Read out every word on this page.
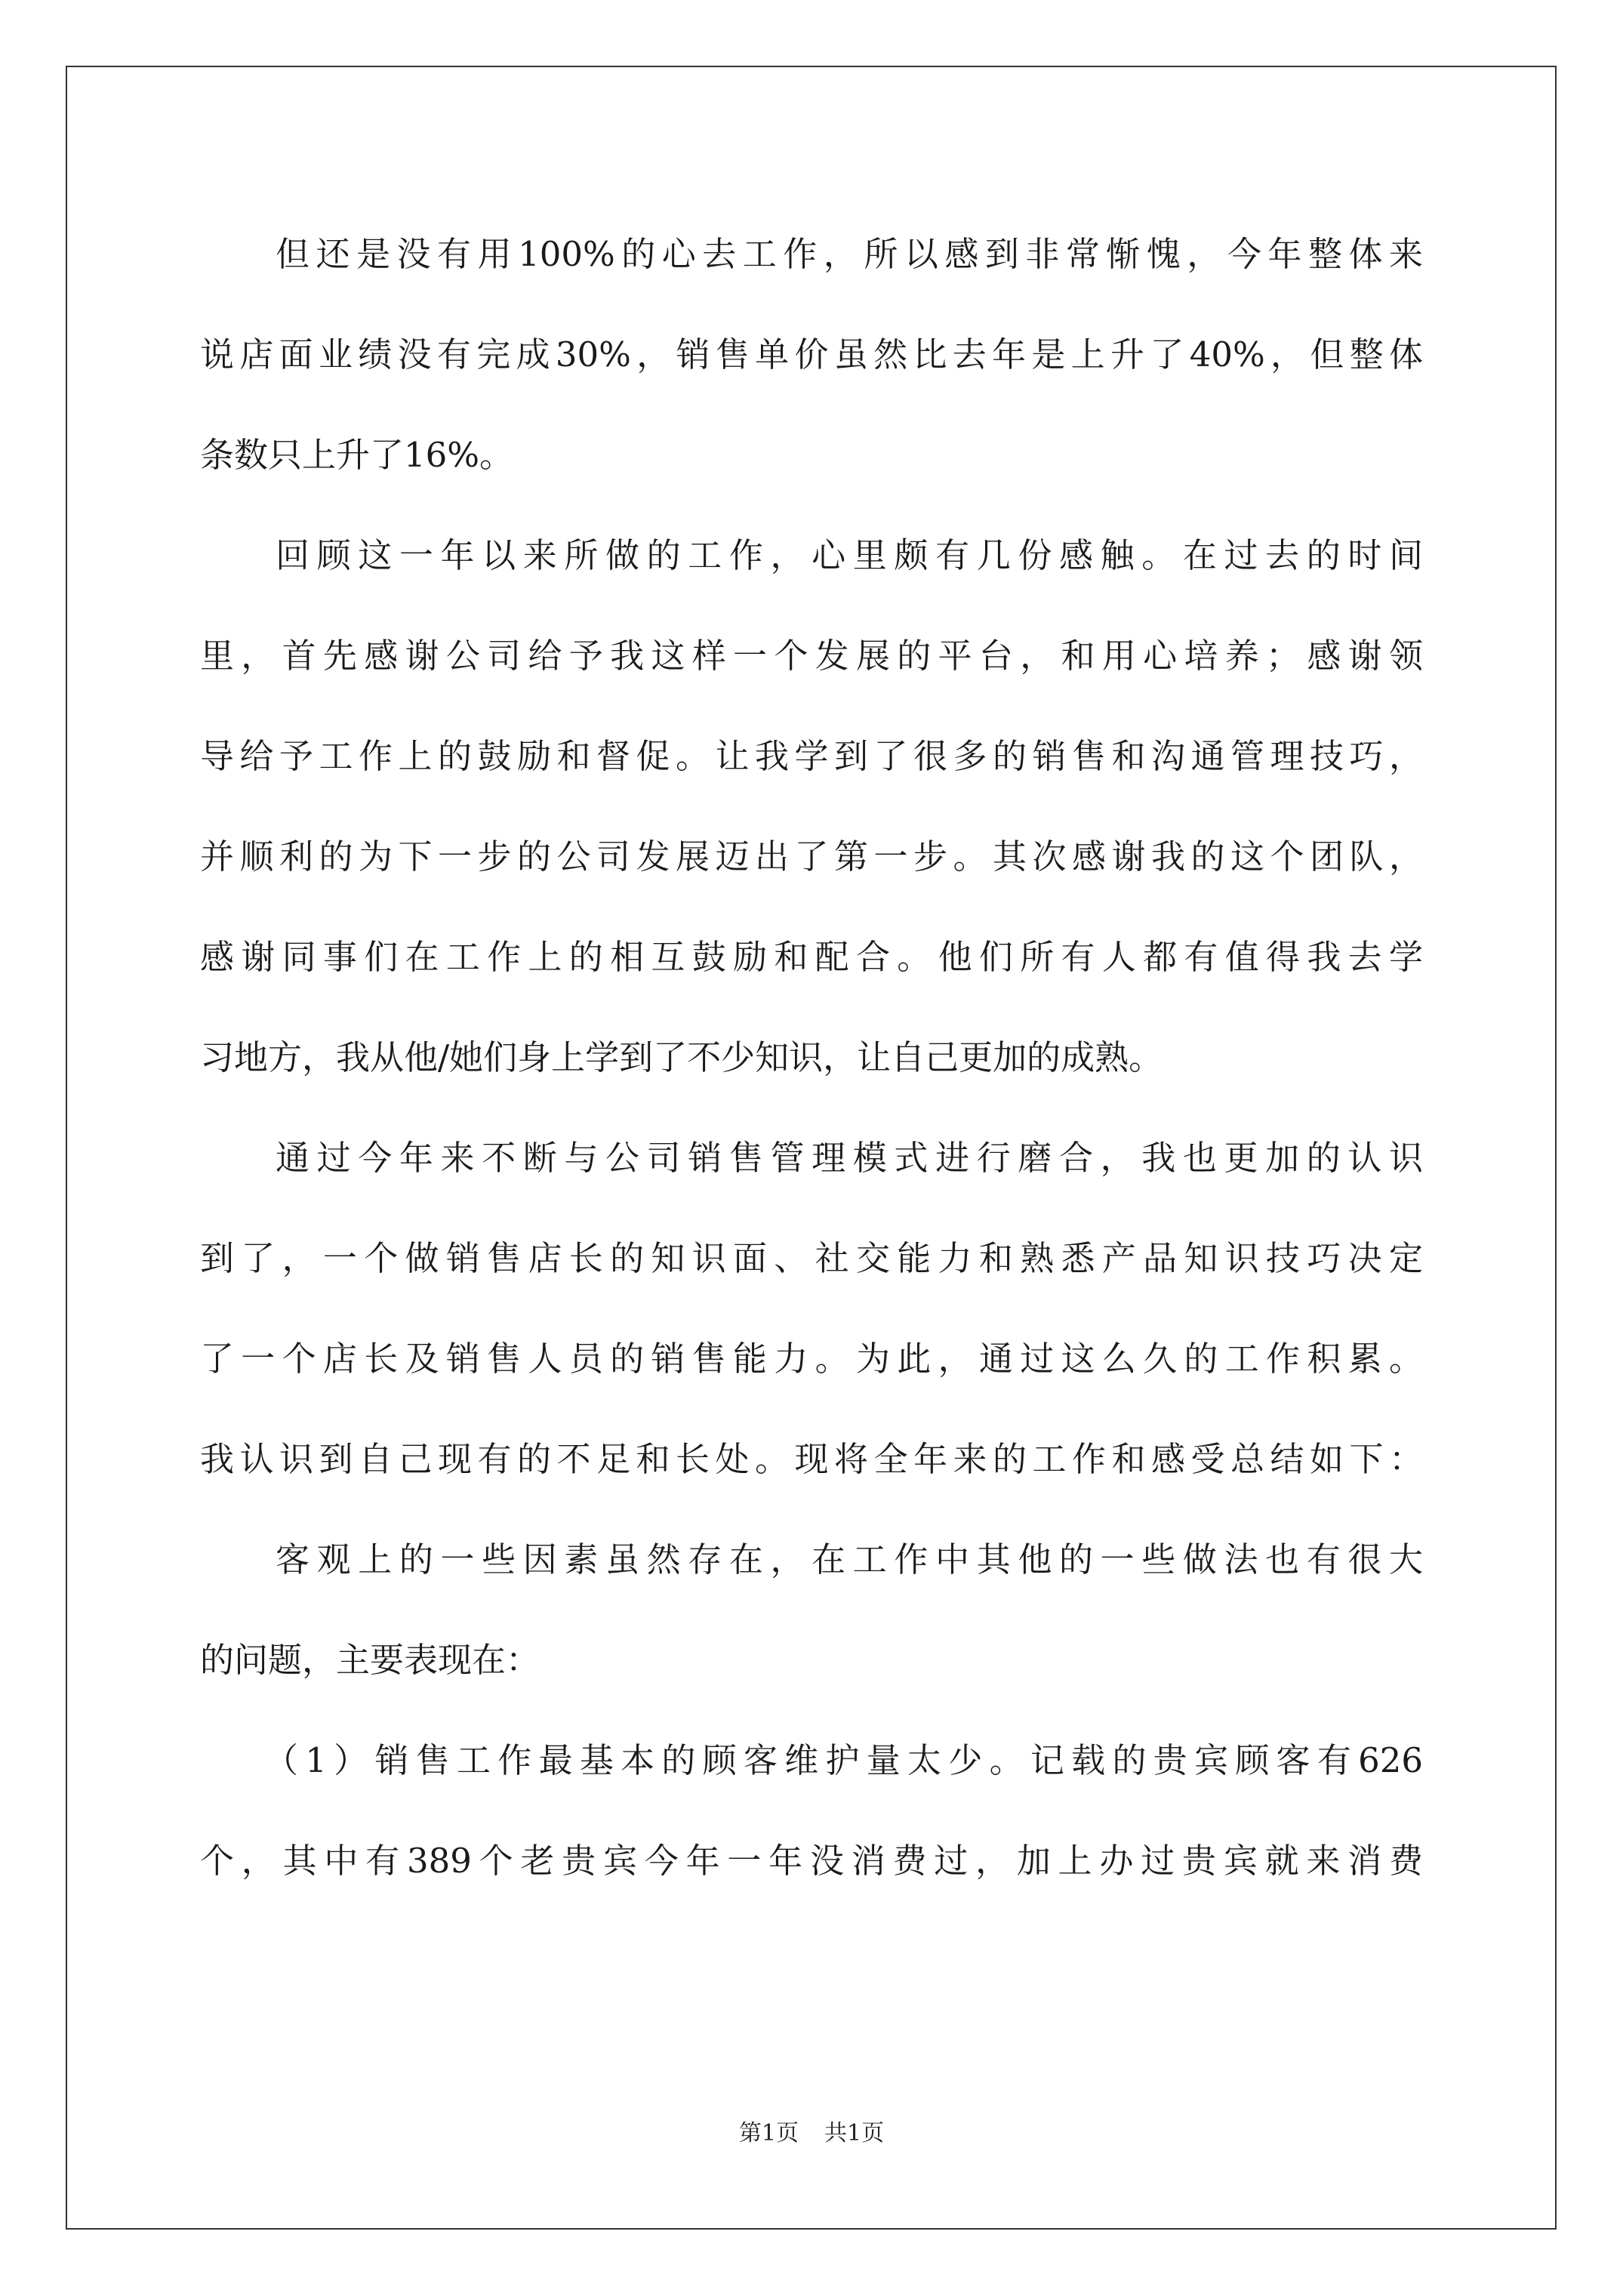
但还是没有用100%的心去工作，所以感到非常惭愧，今年整体来
说店面业绩没有完成30%，销售单价虽然比去年是上升了40%，但整体
条数只上升了16%。
回顾这一年以来所做的工作，心里颇有几份感触。在过去的时间
里，首先感谢公司给予我这样一个发展的平台，和用心培养；感谢领
导给予工作上的鼓励和督促。让我学到了很多的销售和沟通管理技巧，
并顺利的为下一步的公司发展迈出了第一步。其次感谢我的这个团队，
感谢同事们在工作上的相互鼓励和配合。他们所有人都有值得我去学
习地方，我从他/她们身上学到了不少知识，让自己更加的成熟。
通过今年来不断与公司销售管理模式进行磨合，我也更加的认识
到了，一个做销售店长的知识面、社交能力和熟悉产品知识技巧决定
了一个店长及销售人员的销售能力。为此，通过这么久的工作积累。
我认识到自己现有的不足和长处。现将全年来的工作和感受总结如下：
客观上的一些因素虽然存在，在工作中其他的一些做法也有很大
的问题，主要表现在：
（1）销售工作最基本的顾客维护量太少。记载的贵宾顾客有626
个，其中有389个老贵宾今年一年没消费过，加上办过贵宾就来消费
第1页 共1页
